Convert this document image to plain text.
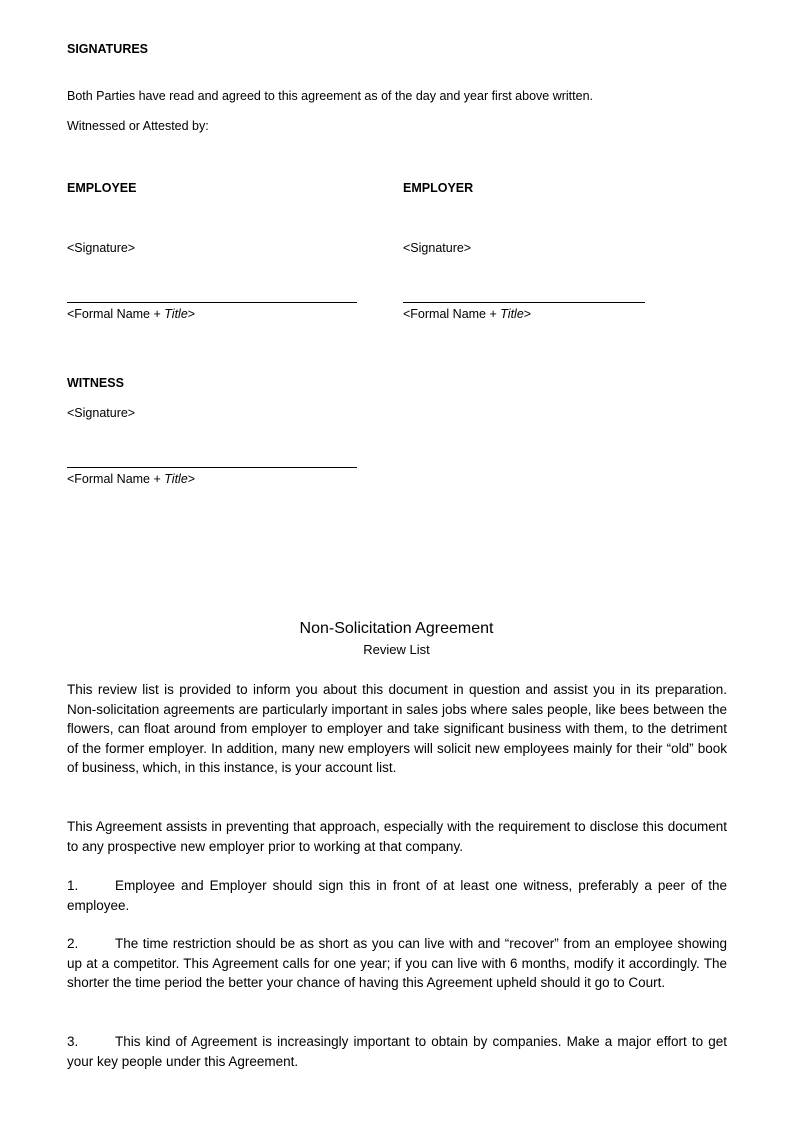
SIGNATURES
Both Parties have read and agreed to this agreement as of the day and year first above written.
Witnessed or Attested by:
EMPLOYEE
<Signature>
<Formal Name + Title>
EMPLOYER
<Signature>
<Formal Name + Title>
WITNESS
<Signature>
<Formal Name + Title>
Non-Solicitation Agreement
Review List
This review list is provided to inform you about this document in question and assist you in its preparation. Non-solicitation agreements are particularly important in sales jobs where sales people, like bees between the flowers, can float around from employer to employer and take significant business with them, to the detriment of the former employer. In addition, many new employers will solicit new employees mainly for their “old” book of business, which, in this instance, is your account list.
This Agreement assists in preventing that approach, especially with the requirement to disclose this document to any prospective new employer prior to working at that company.
1.	Employee and Employer should sign this in front of at least one witness, preferably a peer of the employee.
2.	The time restriction should be as short as you can live with and “recover” from an employee showing up at a competitor. This Agreement calls for one year; if you can live with 6 months, modify it accordingly. The shorter the time period the better your chance of having this Agreement upheld should it go to Court.
3.	This kind of Agreement is increasingly important to obtain by companies. Make a major effort to get your key people under this Agreement.
